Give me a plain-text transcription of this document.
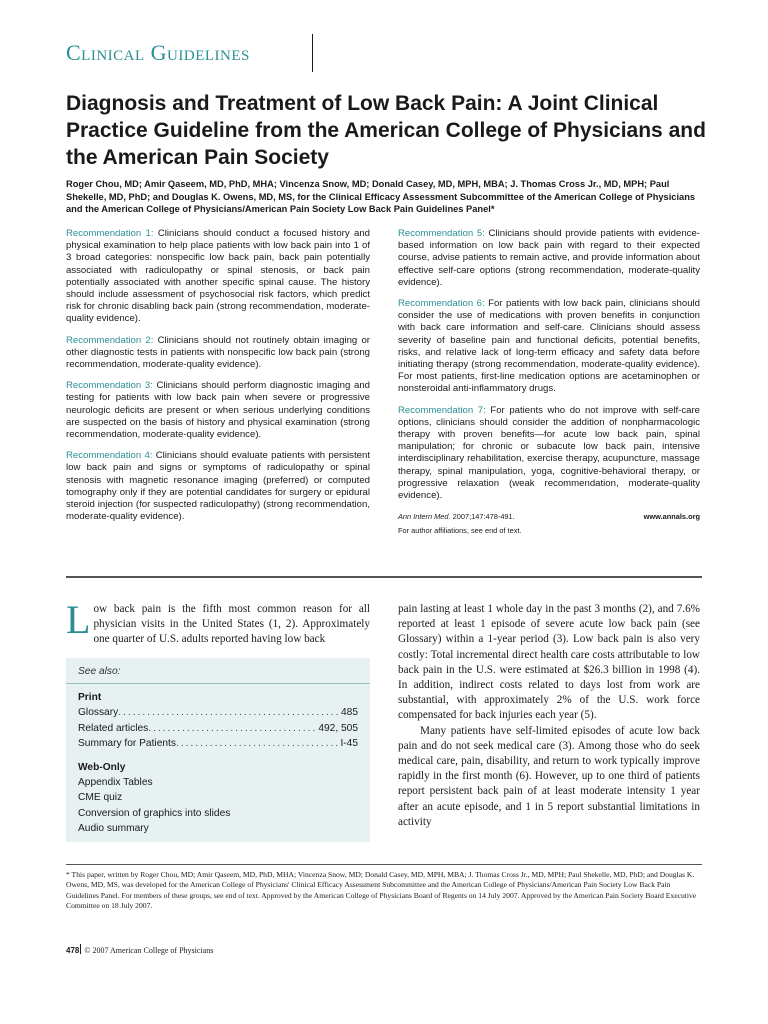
Clinical Guidelines
Diagnosis and Treatment of Low Back Pain: A Joint Clinical Practice Guideline from the American College of Physicians and the American Pain Society
Roger Chou, MD; Amir Qaseem, MD, PhD, MHA; Vincenza Snow, MD; Donald Casey, MD, MPH, MBA; J. Thomas Cross Jr., MD, MPH; Paul Shekelle, MD, PhD; and Douglas K. Owens, MD, MS, for the Clinical Efficacy Assessment Subcommittee of the American College of Physicians and the American College of Physicians/American Pain Society Low Back Pain Guidelines Panel*

Recommendation 1: Clinicians should conduct a focused history and physical examination to help place patients with low back pain into 1 of 3 broad categories: nonspecific low back pain, back pain potentially associated with radiculopathy or spinal stenosis, or back pain potentially associated with another specific spinal cause. The history should include assessment of psychosocial risk factors, which predict risk for chronic disabling back pain (strong recommendation, moderate-quality evidence).

Recommendation 2: Clinicians should not routinely obtain imaging or other diagnostic tests in patients with nonspecific low back pain (strong recommendation, moderate-quality evidence).

Recommendation 3: Clinicians should perform diagnostic imaging and testing for patients with low back pain when severe or progressive neurologic deficits are present or when serious underlying conditions are suspected on the basis of history and physical examination (strong recommendation, moderate-quality evidence).

Recommendation 4: Clinicians should evaluate patients with persistent low back pain and signs or symptoms of radiculopathy or spinal stenosis with magnetic resonance imaging (preferred) or computed tomography only if they are potential candidates for surgery or epidural steroid injection (for suspected radiculopathy) (strong recommendation, moderate-quality evidence).

Recommendation 5: Clinicians should provide patients with evidence-based information on low back pain with regard to their expected course, advise patients to remain active, and provide information about effective self-care options (strong recommendation, moderate-quality evidence).

Recommendation 6: For patients with low back pain, clinicians should consider the use of medications with proven benefits in conjunction with back care information and self-care. Clinicians should assess severity of baseline pain and functional deficits, potential benefits, risks, and relative lack of long-term efficacy and safety data before initiating therapy (strong recommendation, moderate-quality evidence). For most patients, first-line medication options are acetaminophen or nonsteroidal anti-inflammatory drugs.

Recommendation 7: For patients who do not improve with self-care options, clinicians should consider the addition of nonpharmacologic therapy with proven benefits—for acute low back pain, spinal manipulation; for chronic or subacute low back pain, intensive interdisciplinary rehabilitation, exercise therapy, acupuncture, massage therapy, spinal manipulation, yoga, cognitive-behavioral therapy, or progressive relaxation (weak recommendation, moderate-quality evidence).

Ann Intern Med. 2007;147:478-491.	www.annals.org
For author affiliations, see end of text.
Low back pain is the fifth most common reason for all physician visits in the United States (1, 2). Approximately one quarter of U.S. adults reported having low back
See also:
Print
Glossary .....	485
Related articles .....	492, 505
Summary for Patients .....	I-45
Web-Only
Appendix Tables
CME quiz
Conversion of graphics into slides
Audio summary

pain lasting at least 1 whole day in the past 3 months (2), and 7.6% reported at least 1 episode of severe acute low back pain (see Glossary) within a 1-year period (3). Low back pain is also very costly: Total incremental direct health care costs attributable to low back pain in the U.S. were estimated at $26.3 billion in 1998 (4). In addition, indirect costs related to days lost from work are substantial, with approximately 2% of the U.S. work force compensated for back injuries each year (5).

Many patients have self-limited episodes of acute low back pain and do not seek medical care (3). Among those who do seek medical care, pain, disability, and return to work typically improve rapidly in the first month (6). However, up to one third of patients report persistent back pain of at least moderate intensity 1 year after an acute episode, and 1 in 5 report substantial limitations in activity

* This paper, written by Roger Chou, MD; Amir Qaseem, MD, PhD, MHA; Vincenza Snow, MD; Donald Casey, MD, MPH, MBA; J. Thomas Cross Jr., MD, MPH; Paul Shekelle, MD, PhD; and Douglas K. Owens, MD, MS, was developed for the American College of Physicians' Clinical Efficacy Assessment Subcommittee and the American College of Physicians/American Pain Society Low Back Pain Guidelines Panel. For members of these groups, see end of text. Approved by the American College of Physicians Board of Regents on 14 July 2007. Approved by the American Pain Society Board Executive Committee on 18 July 2007.
478 © 2007 American College of Physicians
